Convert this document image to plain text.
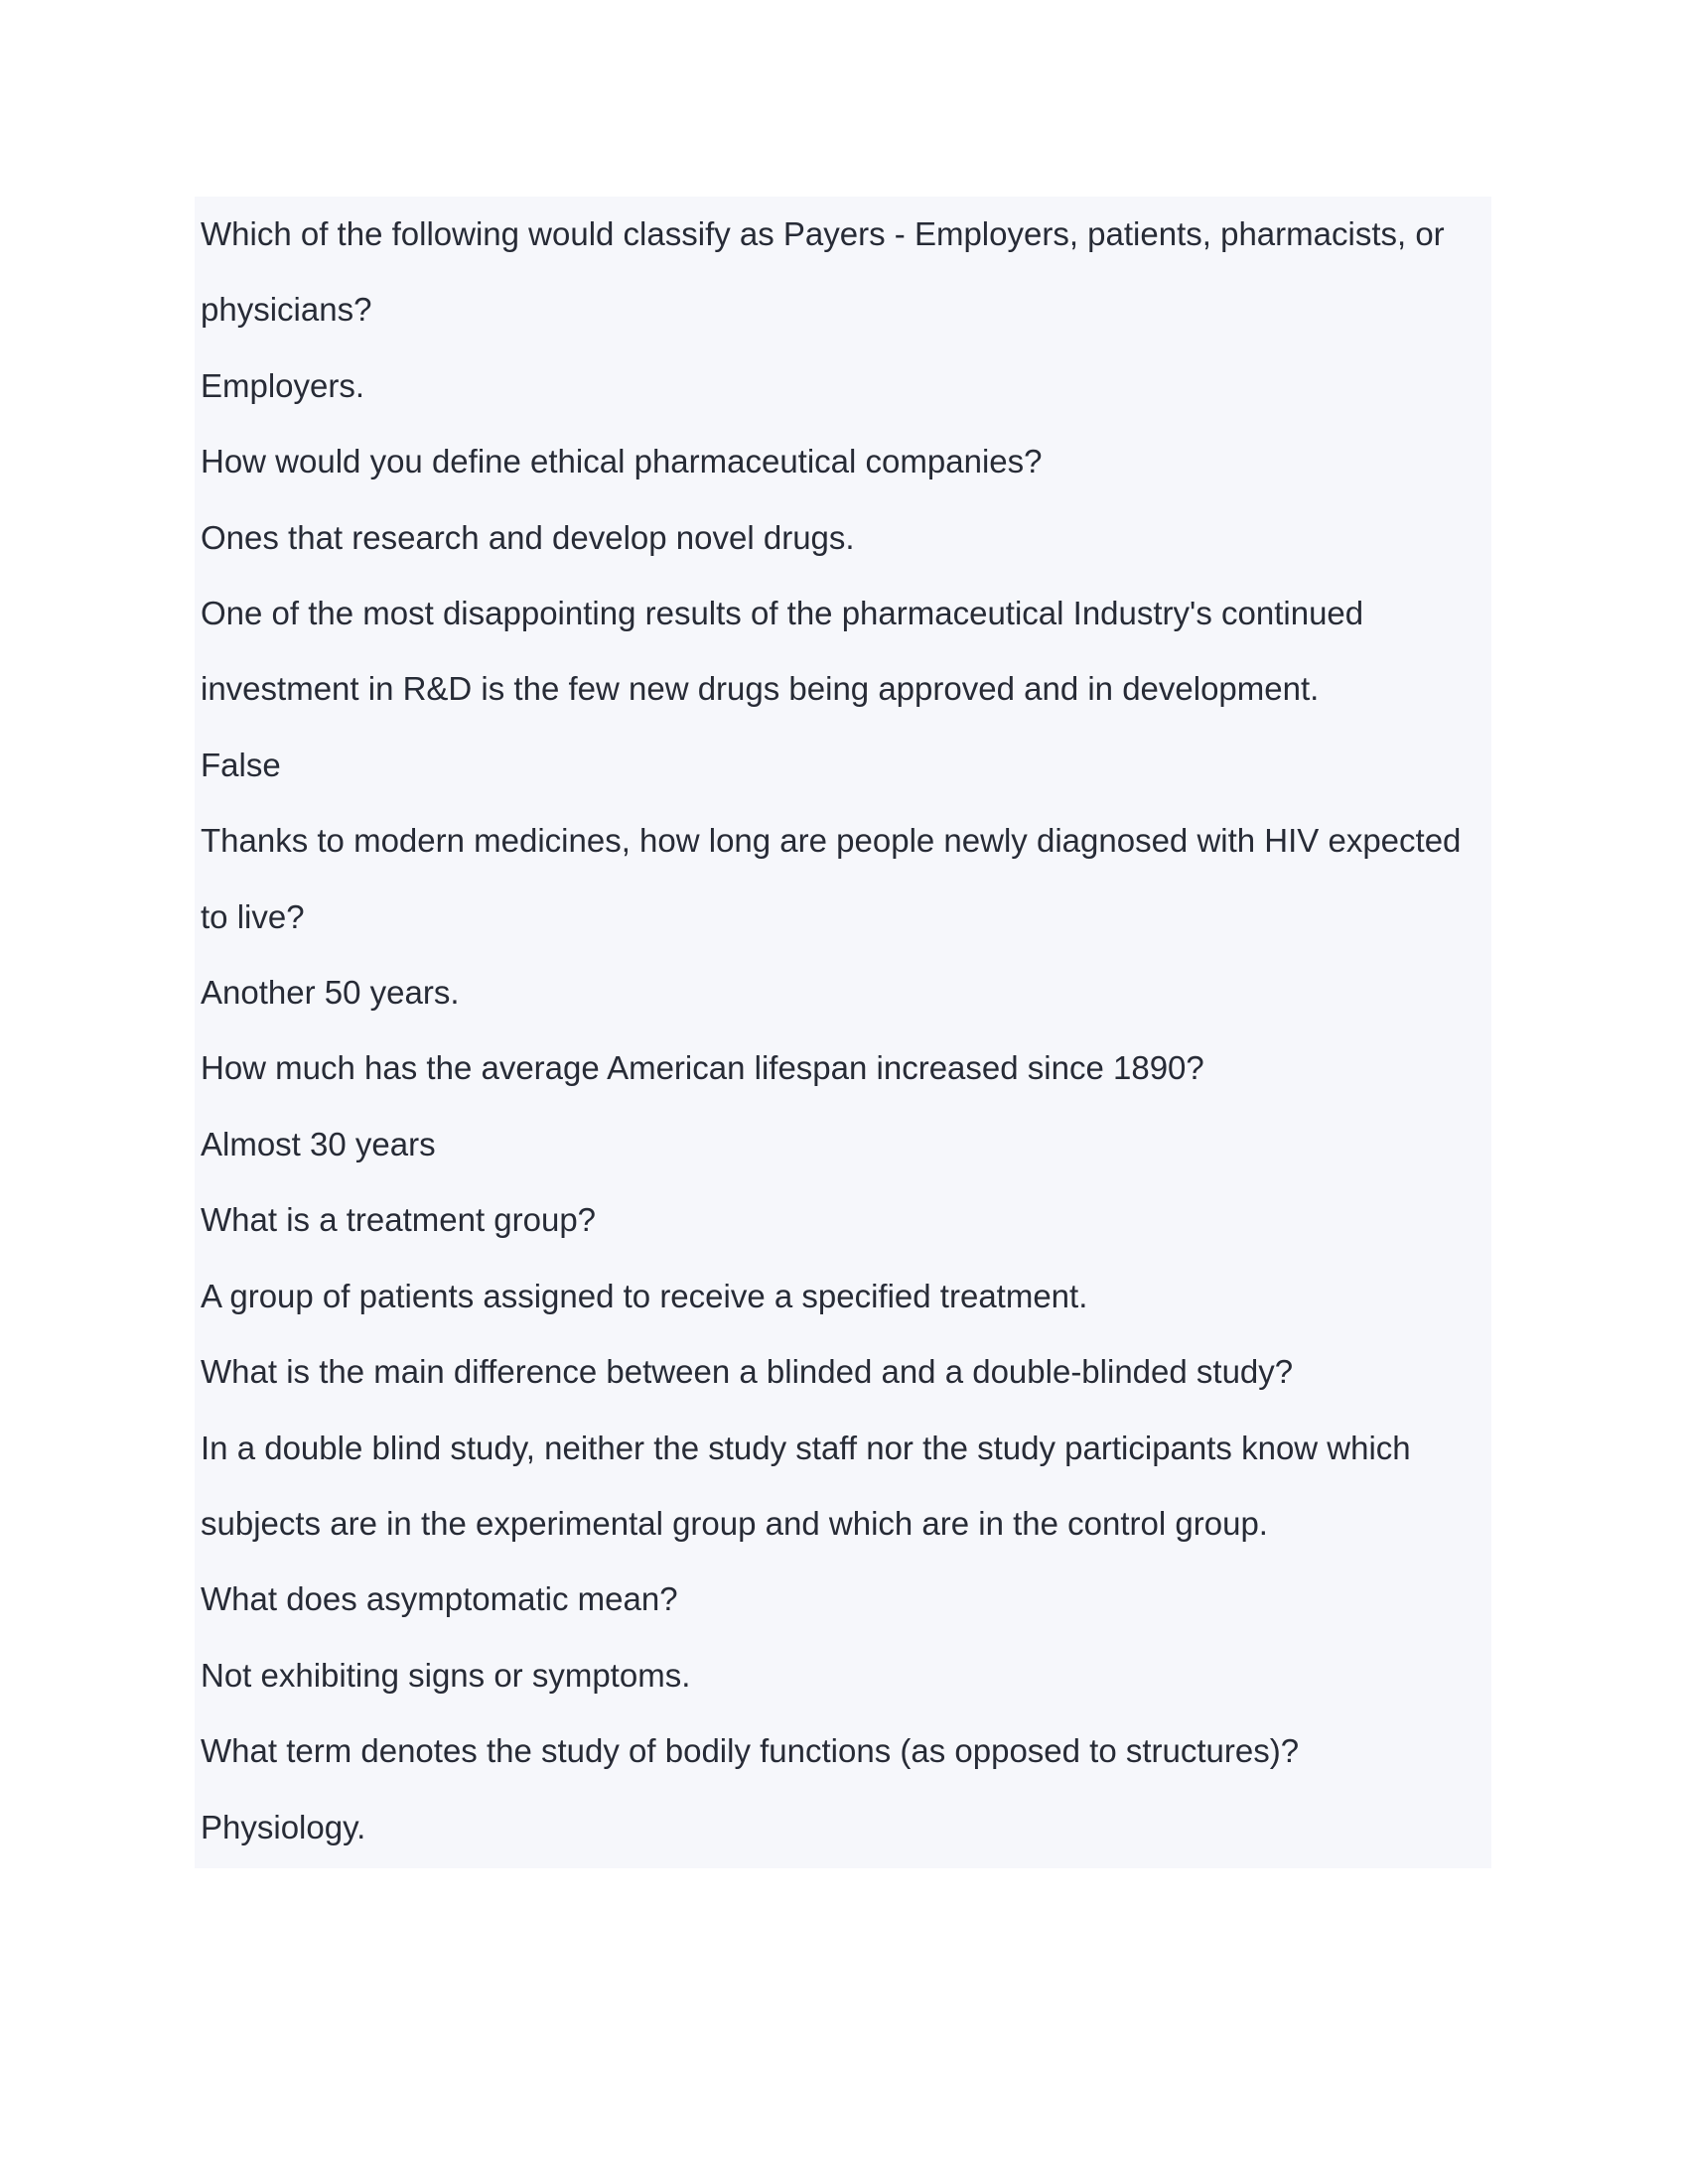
Which of the following would classify as Payers - Employers, patients, pharmacists, or

physicians?

Employers.

How would you define ethical pharmaceutical companies?

Ones that research and develop novel drugs.

One of the most disappointing results of the pharmaceutical Industry's continued

investment in R&D is the few new drugs being approved and in development.

False

Thanks to modern medicines, how long are people newly diagnosed with HIV expected

to live?

Another 50 years.

How much has the average American lifespan increased since 1890?

Almost 30 years

What is a treatment group?

A group of patients assigned to receive a specified treatment.

What is the main difference between a blinded and a double-blinded study?

In a double blind study, neither the study staff nor the study participants know which

subjects are in the experimental group and which are in the control group.

What does asymptomatic mean?

Not exhibiting signs or symptoms.

What term denotes the study of bodily functions (as opposed to structures)?

Physiology.
